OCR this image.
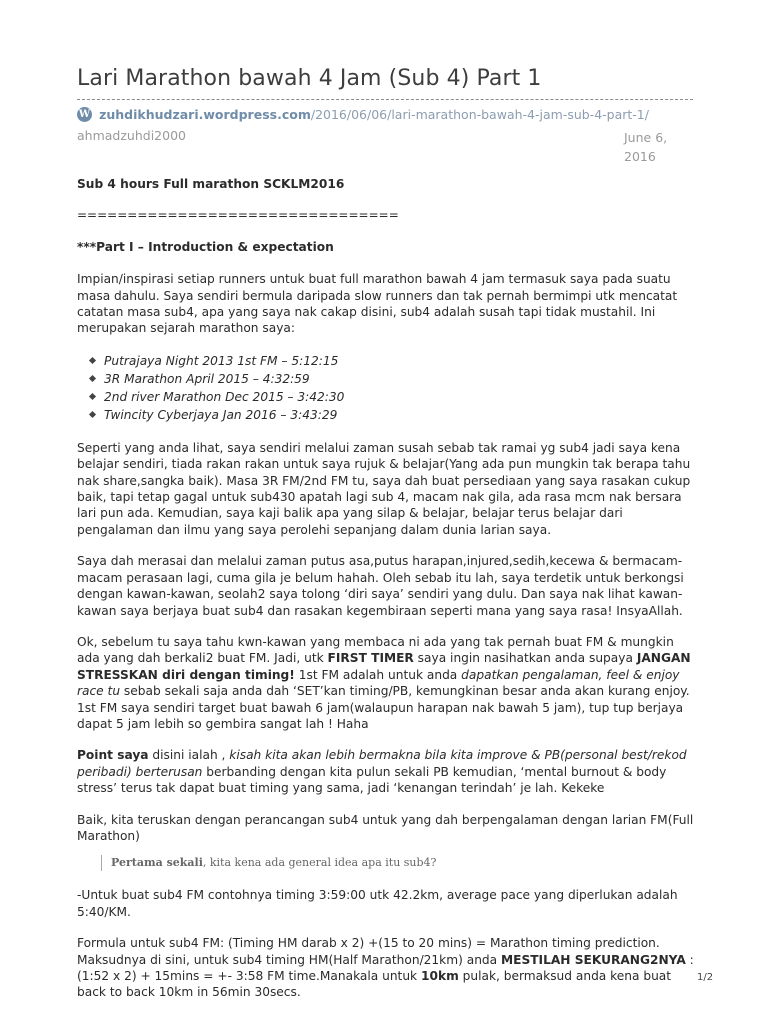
Lari Marathon bawah 4 Jam (Sub 4) Part 1
W zuhdikhudzari.wordpress.com/2016/06/06/lari-marathon-bawah-4-jam-sub-4-part-1/
ahmadzuhdi2000	June 6,
2016

Sub 4 hours Full marathon SCKLM2016

================================

***Part I – Introduction & expectation

Impian/inspirasi setiap runners untuk buat full marathon bawah 4 jam termasuk saya pada suatu masa dahulu. Saya sendiri bermula daripada slow runners dan tak pernah bermimpi utk mencatat catatan masa sub4, apa yang saya nak cakap disini, sub4 adalah susah tapi tidak mustahil. Ini merupakan sejarah marathon saya:

Putrajaya Night 2013 1st FM – 5:12:15
3R Marathon April 2015 – 4:32:59
2nd river Marathon Dec 2015 – 3:42:30
Twincity Cyberjaya Jan 2016 – 3:43:29

Seperti yang anda lihat, saya sendiri melalui zaman susah sebab tak ramai yg sub4 jadi saya kena belajar sendiri, tiada rakan rakan untuk saya rujuk & belajar(Yang ada pun mungkin tak berapa tahu nak share,sangka baik). Masa 3R FM/2nd FM tu, saya dah buat persediaan yang saya rasakan cukup baik, tapi tetap gagal untuk sub430 apatah lagi sub 4, macam nak gila, ada rasa mcm nak bersara lari pun ada. Kemudian, saya kaji balik apa yang silap & belajar, belajar terus belajar dari pengalaman dan ilmu yang saya perolehi sepanjang dalam dunia larian saya.

Saya dah merasai dan melalui zaman putus asa,putus harapan,injured,sedih,kecewa & bermacam-macam perasaan lagi, cuma gila je belum hahah. Oleh sebab itu lah, saya terdetik untuk berkongsi dengan kawan-kawan, seolah2 saya tolong ‘diri saya’ sendiri yang dulu. Dan saya nak lihat kawan-kawan saya berjaya buat sub4 dan rasakan kegembiraan seperti mana yang saya rasa! InsyaAllah.

Ok, sebelum tu saya tahu kwn-kawan yang membaca ni ada yang tak pernah buat FM & mungkin ada yang dah berkali2 buat FM. Jadi, utk FIRST TIMER saya ingin nasihatkan anda supaya JANGAN STRESSKAN diri dengan timing! 1st FM adalah untuk anda dapatkan pengalaman, feel & enjoy race tu sebab sekali saja anda dah ‘SET’kan timing/PB, kemungkinan besar anda akan kurang enjoy. 1st FM saya sendiri target buat bawah 6 jam(walaupun harapan nak bawah 5 jam), tup tup berjaya dapat 5 jam lebih so gembira sangat lah ! Haha

Point saya disini ialah , kisah kita akan lebih bermakna bila kita improve & PB(personal best/rekod peribadi) berterusan berbanding dengan kita pulun sekali PB kemudian, ‘mental burnout & body stress’ terus tak dapat buat timing yang sama, jadi ‘kenangan terindah’ je lah. Kekeke

Baik, kita teruskan dengan perancangan sub4 untuk yang dah berpengalaman dengan larian FM(Full Marathon)

Pertama sekali, kita kena ada general idea apa itu sub4?

-Untuk buat sub4 FM contohnya timing 3:59:00 utk 42.2km, average pace yang diperlukan adalah 5:40/KM.

Formula untuk sub4 FM: (Timing HM darab x 2) +(15 to 20 mins) = Marathon timing prediction. Maksudnya di sini, untuk sub4 timing HM(Half Marathon/21km) anda MESTILAH SEKURANG2NYA :(1:52 x 2) + 15mins = +- 3:58 FM time.Manakala untuk 10km pulak, bermaksud anda kena buat back to back 10km in 56min 30secs.

1/2
